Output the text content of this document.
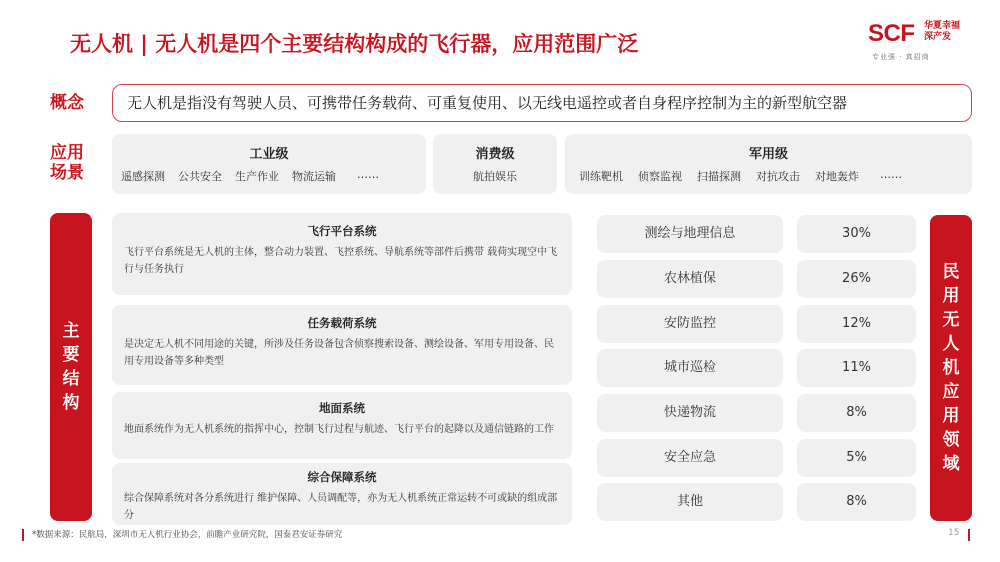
无人机 | 无人机是四个主要结构构成的飞行器，应用范围广泛	SCF 华夏幸福
深产发
专业强 · 真招商
概念	无人机是指没有驾驶人员、可携带任务载荷、可重复使用、以无线电遥控或者自身程序控制为主的新型航空器
应用
场景
工业级
遥感探测 公共安全 生产作业 物流运输 ……
消费级
航拍娱乐
军用级
训练靶机 侦察监视 扫描探测 对抗攻击 对地轰炸 ……
主要结构
飞行平台系统
飞行平台系统是无人机的主体，整合动力装置、飞控系统、导航系统等部件后携带 载荷实现空中飞行与任务执行
任务载荷系统
是决定无人机不同用途的关键，所涉及任务设备包含侦察搜索设备、测绘设备、军用专用设备、民用专用设备等多种类型
地面系统
地面系统作为无人机系统的指挥中心，控制飞行过程与航迹、飞行平台的起降以及通信链路的工作
综合保障系统
综合保障系统对各分系统进行 维护保障、人员调配等，亦为无人机系统正常运转不可或缺的组成部分
测绘与地理信息	30%
农林植保	26%
安防监控	12%
城市巡检	11%
快递物流	8%
安全应急	5%
其他	8%
民用无人机应用领域
*数据来源：民航局，深圳市无人机行业协会，前瞻产业研究院，国泰君安证券研究	15
